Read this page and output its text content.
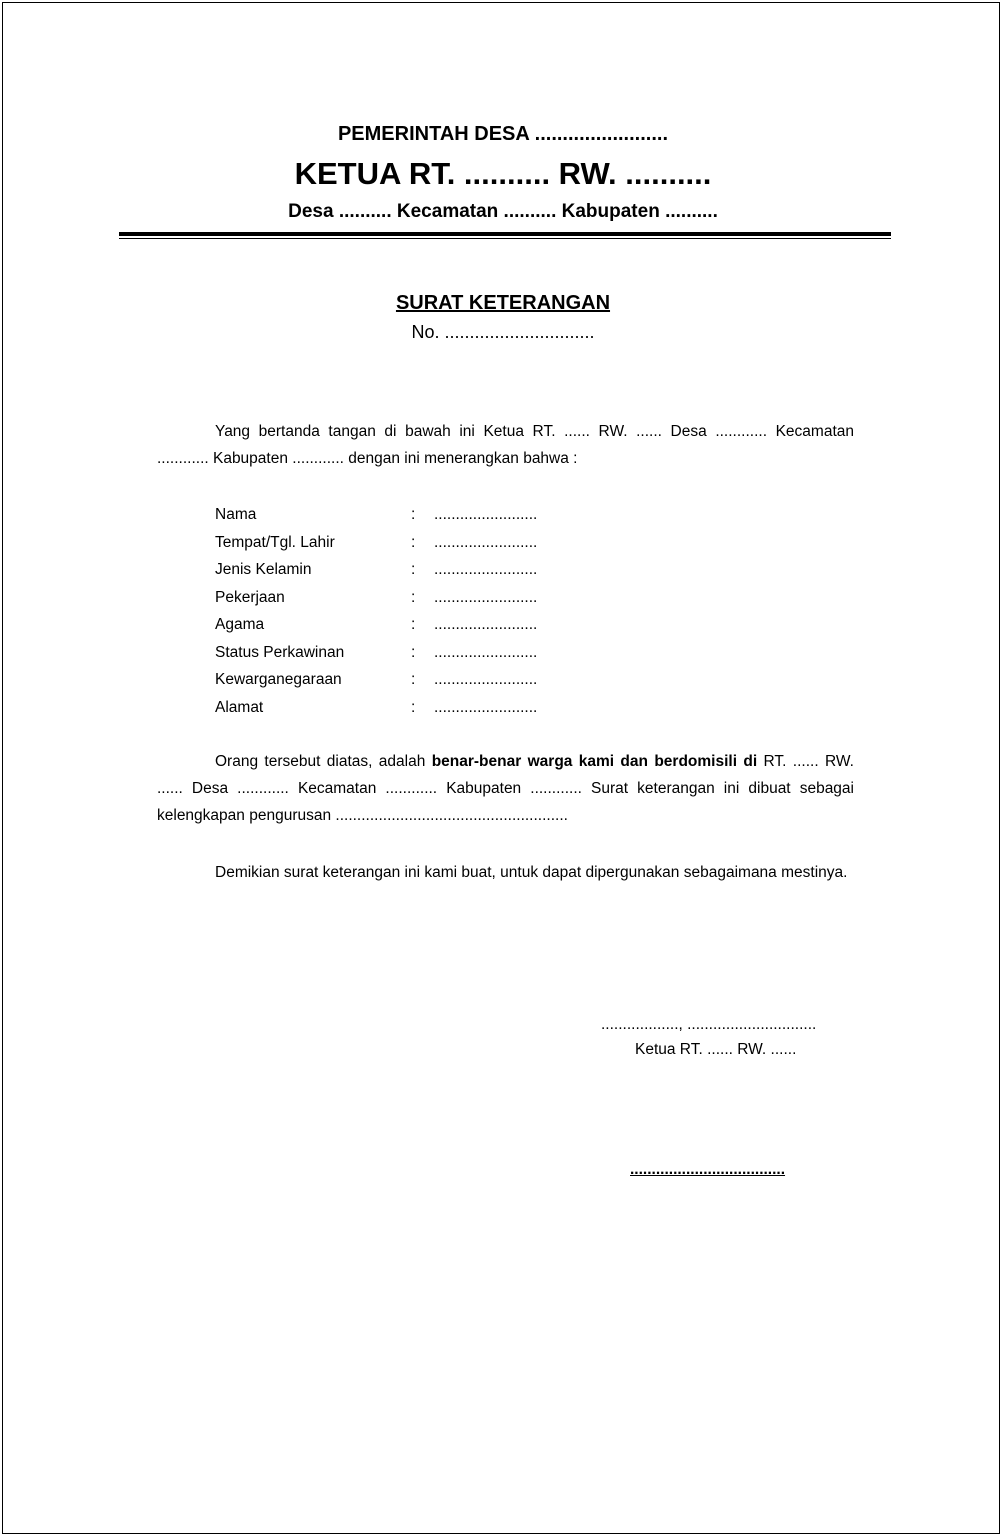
PEMERINTAH DESA ........................
KETUA RT. .......... RW. ..........
Desa .......... Kecamatan .......... Kabupaten ..........
SURAT KETERANGAN
No. ..............................

Yang bertanda tangan di bawah ini Ketua RT. ...... RW. ...... Desa ............ Kecamatan ............ Kabupaten ............ dengan ini menerangkan bahwa :

Nama	: ........................
Tempat/Tgl. Lahir	: ........................
Jenis Kelamin	: ........................
Pekerjaan	: ........................
Agama	: ........................
Status Perkawinan	: ........................
Kewarganegaraan	: ........................
Alamat	: ........................

Orang tersebut diatas, adalah benar-benar warga kami dan berdomisili di RT. ...... RW. ...... Desa ............ Kecamatan ............ Kabupaten ............ Surat keterangan ini dibuat sebagai kelengkapan pengurusan ......................................................

Demikian surat keterangan ini kami buat, untuk dapat dipergunakan sebagaimana mestinya.

.................., ..............................
Ketua RT. ...... RW. ......
....................................
